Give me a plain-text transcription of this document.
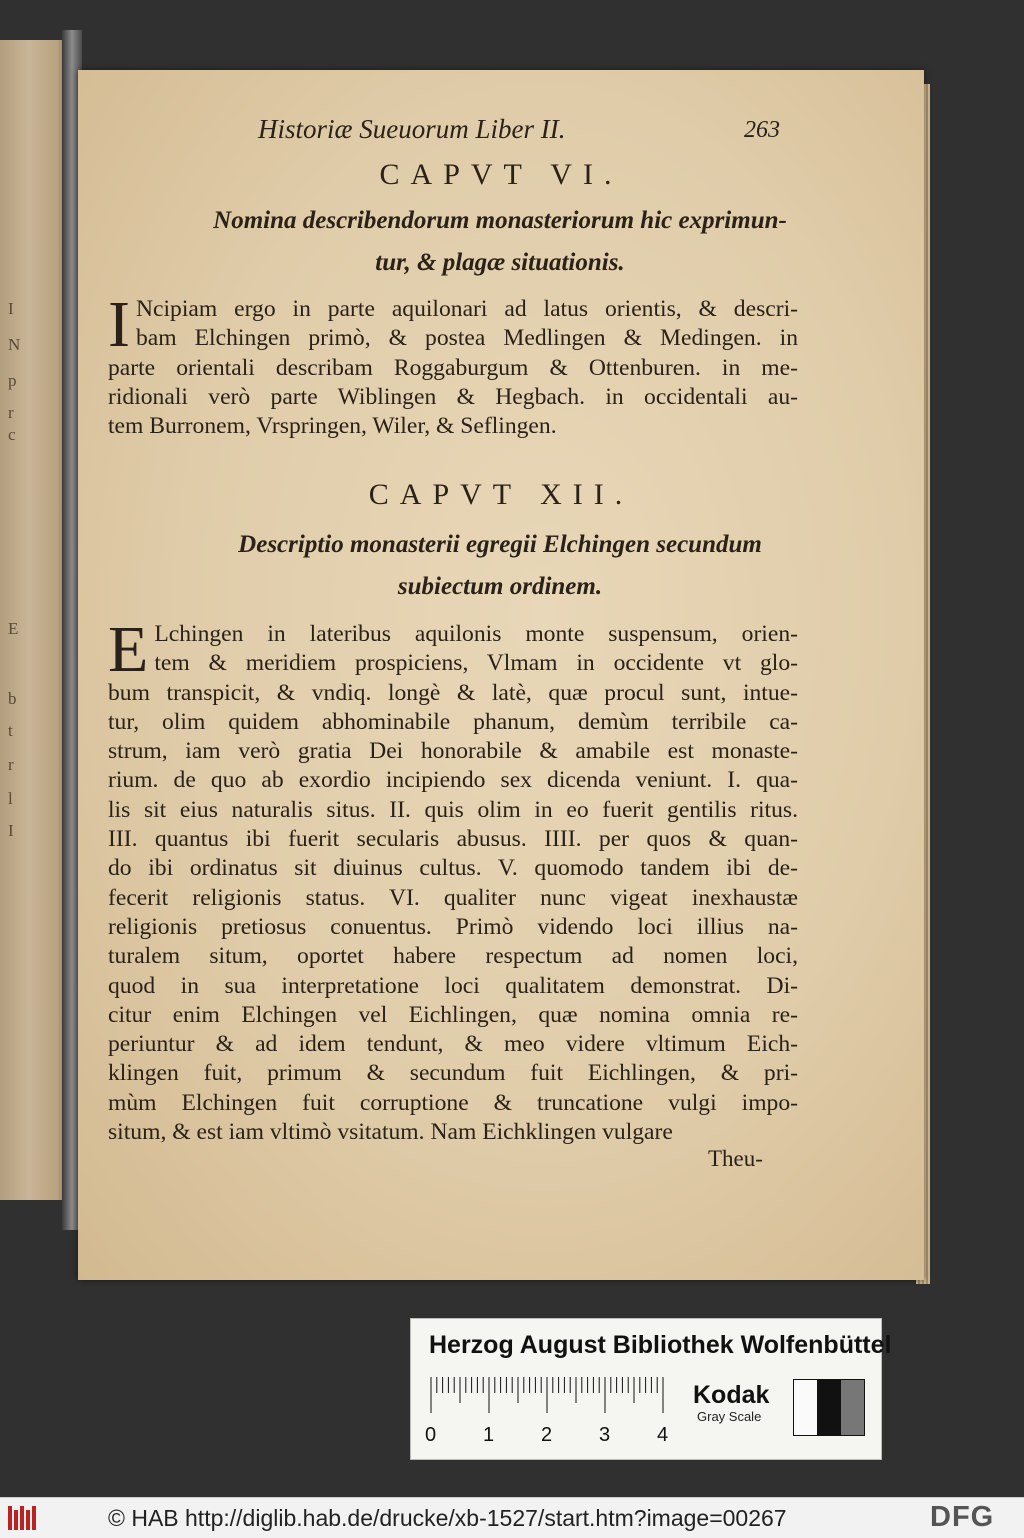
I
N
p
r
c
E
b
t
r
l
I
Historiæ Sueuorum Liber II.	263
CAPVT VI.
Nomina describendorum monasteriorum hic exprimun-
tur, & plagæ situationis.
I Ncipiam ergo in parte aquilonari ad latus orientis, & descri-
bam Elchingen primò, & postea Medlingen & Medingen. in
parte orientali describam Roggaburgum & Ottenburen. in me-
ridionali verò parte Wiblingen & Hegbach. in occidentali au-
tem Burronem, Vrspringen, Wiler, & Seflingen.
CAPVT XII.
Descriptio monasterii egregii Elchingen secundum
subiectum ordinem.
E Lchingen in lateribus aquilonis monte suspensum, orien-
tem & meridiem prospiciens, Vlmam in occidente vt glo-
bum transpicit, & vndiq. longè & latè, quæ procul sunt, intue-
tur, olim quidem abhominabile phanum, demùm terribile ca-
strum, iam verò gratia Dei honorabile & amabile est monaste-
rium. de quo ab exordio incipiendo sex dicenda veniunt. I. qua-
lis sit eius naturalis situs. II. quis olim in eo fuerit gentilis ritus.
III. quantus ibi fuerit secularis abusus. IIII. per quos & quan-
do ibi ordinatus sit diuinus cultus. V. quomodo tandem ibi de-
fecerit religionis status. VI. qualiter nunc vigeat inexhaustæ
religionis pretiosus conuentus. Primò videndo loci illius na-
turalem situm, oportet habere respectum ad nomen loci,
quod in sua interpretatione loci qualitatem demonstrat. Di-
citur enim Elchingen vel Eichlingen, quæ nomina omnia re-
periuntur & ad idem tendunt, & meo videre vltimum Eich-
klingen fuit, primum & secundum fuit Eichlingen, & pri-
mùm Elchingen fuit corruptione & truncatione vulgi impo-
situm, & est iam vltimò vsitatum. Nam Eichklingen vulgare
Theu-
Herzog August Bibliothek Wolfenbüttel
0 1 2 3 4
Kodak
Gray Scale
© HAB http://diglib.hab.de/drucke/xb-1527/start.htm?image=00267	DFG
